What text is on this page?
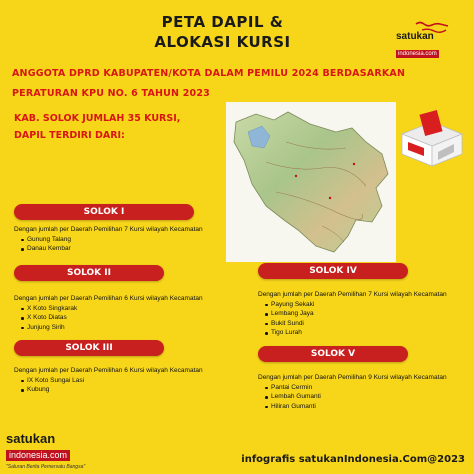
PETA DAPIL &
ALOKASI KURSI	satukan
indonesia.com
ANGGOTA DPRD KABUPATEN/KOTA DALAM PEMILU 2024 BERDASARKAN
PERATURAN KPU NO. 6 TAHUN 2023
KAB. SOLOK JUMLAH 35 KURSI,
DAPIL TERDIRI DARI:
SOLOK I
Dengan jumlah per Daerah Pemilihan 7 Kursi wilayah Kecamatan
Gunung Talang
Danau Kembar
SOLOK II
Dengan jumlah per Daerah Pemilihan 6 Kursi wilayah Kecamatan
X Koto Singkarak
X Koto Diatas
Junjung Sirih
SOLOK III
Dengan jumlah per Daerah Pemilihan 6 Kursi wilayah Kecamatan
IX Koto Sungai Lasi
Kubung
SOLOK IV
Dengan jumlah per Daerah Pemilihan 7 Kursi wilayah Kecamatan
Payung Sekaki
Lembang Jaya
Bukit Sundi
Tigo Lurah
SOLOK V
Dengan jumlah per Daerah Pemilihan 9 Kursi wilayah Kecamatan
Pantai Cermin
Lembah Gumanti
Hiliran Gumanti
satukan
indonesia.com
"Saluran Berita Pemersatu Bangsa"
infografis satukanIndonesia.Com@2023
